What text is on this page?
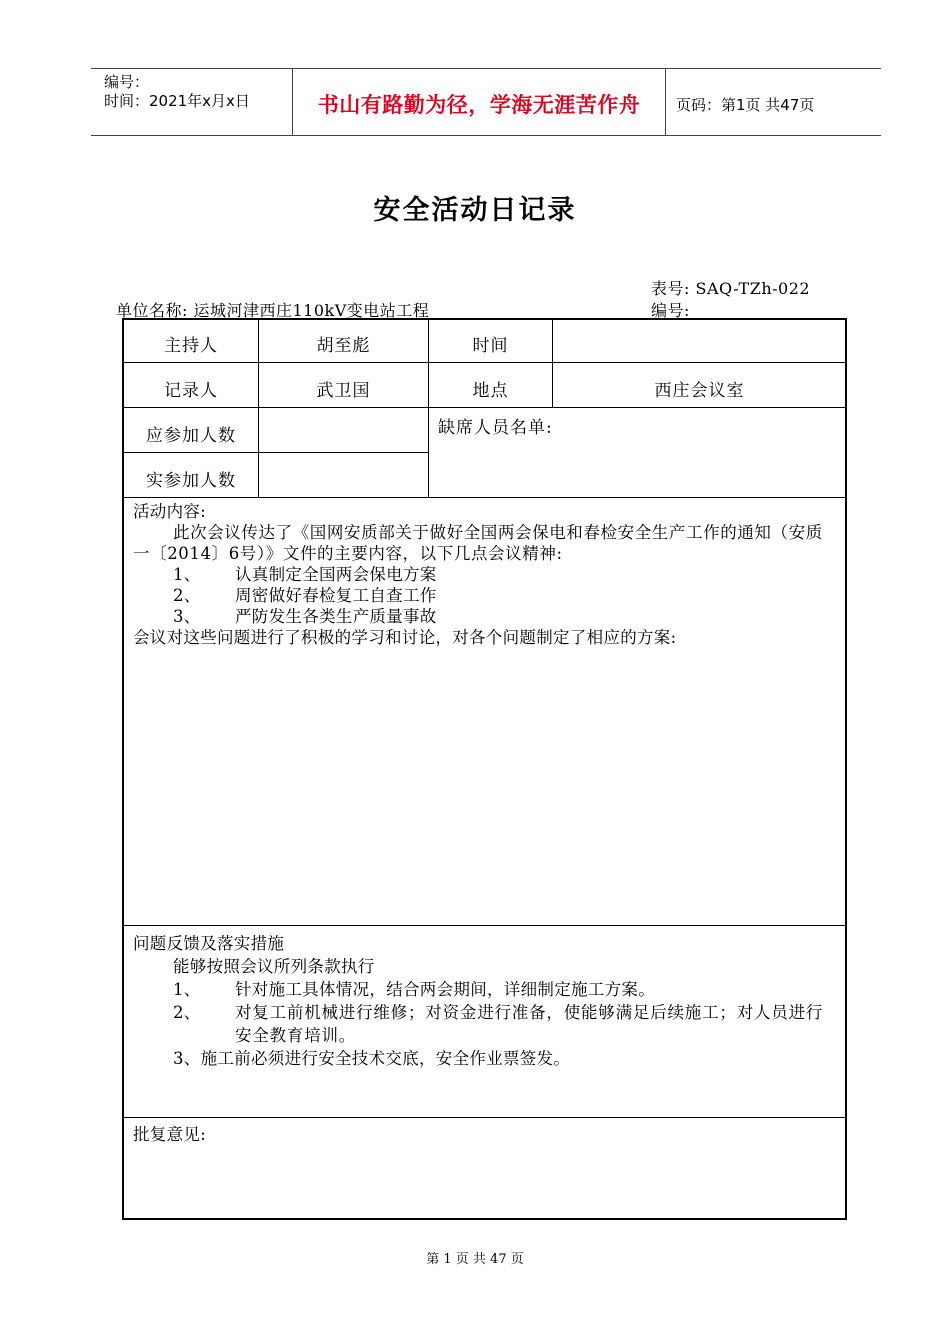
编号：
时间：2021年x月x日	书山有路勤为径，学海无涯苦作舟	页码：第1页 共47页
安全活动日记录
表号: SAQ-TZh-022
单位名称: 运城河津西庄110kV变电站工程	编号:
主持人	胡至彪	时间
记录人	武卫国	地点	西庄会议室
应参加人数
实参加人数
缺席人员名单:
活动内容:
此次会议传达了《国网安质部关于做好全国两会保电和春检安全生产工作的通知（安质一〔2014〕6号）》文件的主要内容，以下几点会议精神:
1、 认真制定全国两会保电方案
2、 周密做好春检复工自查工作
3、 严防发生各类生产质量事故
会议对这些问题进行了积极的学习和讨论，对各个问题制定了相应的方案:
问题反馈及落实措施
能够按照会议所列条款执行
1、 针对施工具体情况，结合两会期间，详细制定施工方案。
2、	对复工前机械进行维修；对资金进行准备，使能够满足后续施工；对人员进行安全教育培训。
3、施工前必须进行安全技术交底，安全作业票签发。
批复意见:
第 1 页 共 47 页
